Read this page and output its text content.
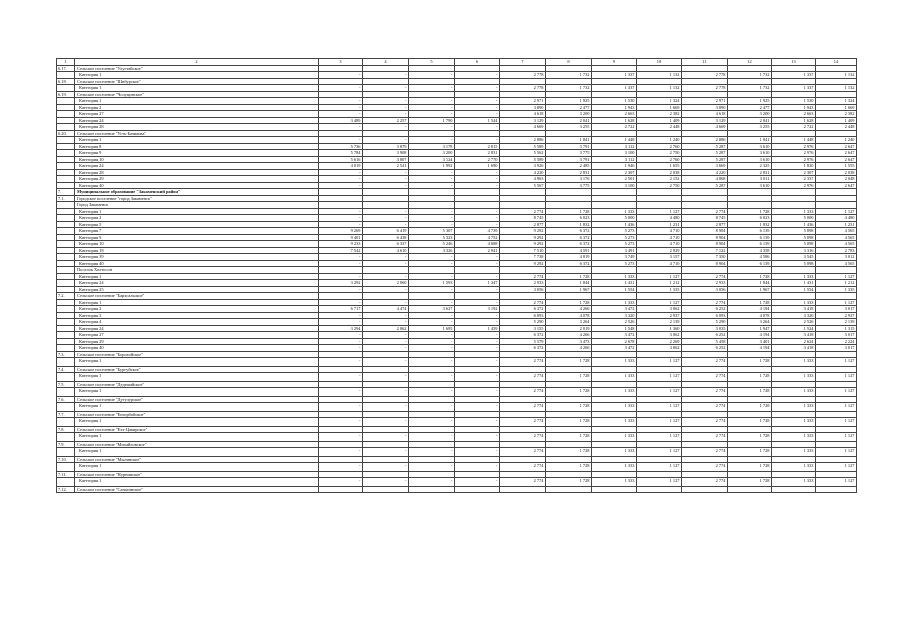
1	2	3	4	5	6	7	8	9	10	11	12	13	14
6.17.	Сельское поселение "Улугтайское"												
	Категория 1	-	-	-	-	2 778	1 732	1 337	1 132	2 778	1 732	1 337	1 132
6.18.	Сельское поселение "Шибурское"												
	Категория 1	-	-	-	-	2 778	1 732	1 337	1 132	2 778	1 732	1 337	1 132
6.19.	Сельское поселение "Чолуцинское"												
	Категория 1	-	-	-	-	2 971	1 925	1 530	1 324	2 971	1 925	1 530	1 324
	Категория 2	-	-	-	-	3 890	2 477	1 943	1 669	3 890	2 477	1 943	1 669
	Категория 27	-	-	-	-	4 618	3 200	2 663	2 382	4 618	3 200	2 663	2 382
	Категория 24	3 489	2 257	1 790	1 544	3 129	2 041	1 628	1 409	3 129	2 041	1 628	1 409
	Категория 28	-	-	-	-	4 669	3 255	2 722	2 448	4 669	3 255	2 722	2 448
6.20.	Сельское поселение "Усть-Бачикова"												
	Категория 1	-	-	-	-	2 886	1 841	1 448	1 240	2 886	1 841	1 448	1 240
	Категория 8	5 736	3 879	3 178	2 815	5 589	3 791	3 112	2 760	5 287	3 610	2 976	2 647
	Категория 9	5 784	3 908	3 200	2 831	5 562	3 775	3 100	2 750	5 287	3 610	2 976	2 647
	Категория 10	5 616	3 807	3 124	2 770	5 589	3 791	3 112	2 760	5 287	3 610	2 976	2 647
	Категория 24	4 019	2 541	1 992	1 690	3 926	2 485	1 946	1 655	3 669	2 325	1 820	1 555
	Категория 28	-	-	-	-	4 220	2 831	2 307	2 038	4 220	2 831	2 307	2 038
	Категория 29	-	-	-	-	4 963	3 176	2 501	2 152	4 868	3 011	2 337	2 048
	Категория 40	-	-	-	-	5 567	3 775	3 100	2 750	5 287	3 610	2 976	2 647
7.	Муниципальное образование "Закаменский район"												
7.1.	Городское поселение "город Закаменск"												
	Город Закаменск												
	Категория 1	-	-	-	-	2 774	1 728	1 333	1 127	2 774	1 728	1 333	1 127
	Категория 2	-	-	-	-	8 745	6 023	5 000	4 480	8 745	6 023	5 000	4 480
	Категория 5	-	-	-	-	2 877	1 832	1 436	1 231	2 877	1 832	1 436	1 231
	Категория 7	9 269	6 419	5 307	4 739	9 292	6 372	5 273	4 710	8 904	6 139	5 098	4 565
	Категория 9	9 401	6 438	5 323	4 752	9 292	6 372	5 273	4 710	8 904	6 139	5 098	4 565
	Категория 10	9 233	6 337	5 246	4 688	9 292	6 372	5 273	4 710	8 904	6 139	5 098	4 565
	Категория 18	7 542	4 610	3 326	2 941	7 510	4 591	3 491	2 929	7 122	4 358	3 316	2 783
	Категория 39	-	-	-	-	7 738	4 819	3 749	3 157	7 350	4 586	3 545	3 012
	Категория 40	-	-	-	-	9 292	6 372	5 273	4 710	8 904	6 139	5 098	4 565
	Поселок Холтосон												
	Категория 1	-	-	-	-	2 774	1 728	1 333	1 127	2 774	1 728	1 333	1 127
	Категория 24	3 292	2 060	1 593	1 347	2 933	1 844	1 431	1 212	2 933	1 844	1 431	1 212
	Категория 25	-	-	-	-	3 056	1 967	1 554	1 335	3 056	1 967	1 554	1 335
7.2.	Сельское поселение "Бархсальское"												
	Категория 1	-	-	-	-	2 774	1 728	1 333	1 127	2 774	1 728	1 333	1 127
	Категория 2	6 717	4 474	3 627	3 192	6 372	4 266	3 472	3 062	6 252	4 194	3 418	3 017
	Категория 3	-	-	-	-	6 093	4 078	3 320	2 937	6 093	4 078	3 320	2 937
	Категория 4	-	-	-	-	5 290	3 264	2 526	2 139	5 290	3 264	2 526	2 139
	Категория 24	3 294	2 062	1 695	1 459	3 155	2 019	1 548	1 360	3 035	1 947	1 524	1 315
	Категория 27	-	-	-	-	6 372	4 266	3 472	3 062	6 252	4 194	3 418	3 017
	Категория 29	-	-	-	-	5 579	3 473	2 678	2 269	5 458	3 401	2 624	2 224
	Категория 40	-	-	-	-	6 372	4 266	3 472	3 062	6 252	4 194	3 418	3 017
7.3.	Сельское поселение "Борохойское"												
	Категория 1	-	-	-	-	2 774	1 728	1 333	1 127	2 774	1 728	1 333	1 127
7.4.	Сельское поселение "Бургуйское"												
	Категория 1	-	-	-	-	2 774	1 728	1 333	1 127	2 774	1 728	1 333	1 127
7.5.	Сельское поселение "Дедешайское"												
	Категория 1	-	-	-	-	2 774	1 728	1 333	1 127	2 774	1 728	1 333	1 127
7.6.	Сельское поселение "Дутулурское"												
	Категория 1	-	-	-	-	2 774	1 728	1 333	1 127	2 774	1 728	1 333	1 127
7.7.	Сельское поселение "Енгорбойское"												
	Категория 1	-	-	-	-	2 774	1 728	1 333	1 127	2 774	1 728	1 333	1 127
7.8.	Сельское поселение "Ехэ-Цакирское"												
	Категория 1	-	-	-	-	2 774	1 728	1 333	1 127	2 774	1 728	1 333	1 127
7.9.	Сельское поселение "Михайловское"												
	Категория 1	-	-	-	-	2 774	1 728	1 333	1 127	2 774	1 728	1 333	1 127
7.10.	Сельское поселение "Мылинское"												
	Категория 1	-	-	-	-	2 774	1 728	1 333	1 127	2 774	1 728	1 333	1 127
7.11.	Сельское поселение "Нурнинское"												
	Категория 1	-	-	-	-	2 774	1 728	1 333	1 127	2 774	1 728	1 333	1 127
7.12.	Сельское поселение "Санагинское"												
